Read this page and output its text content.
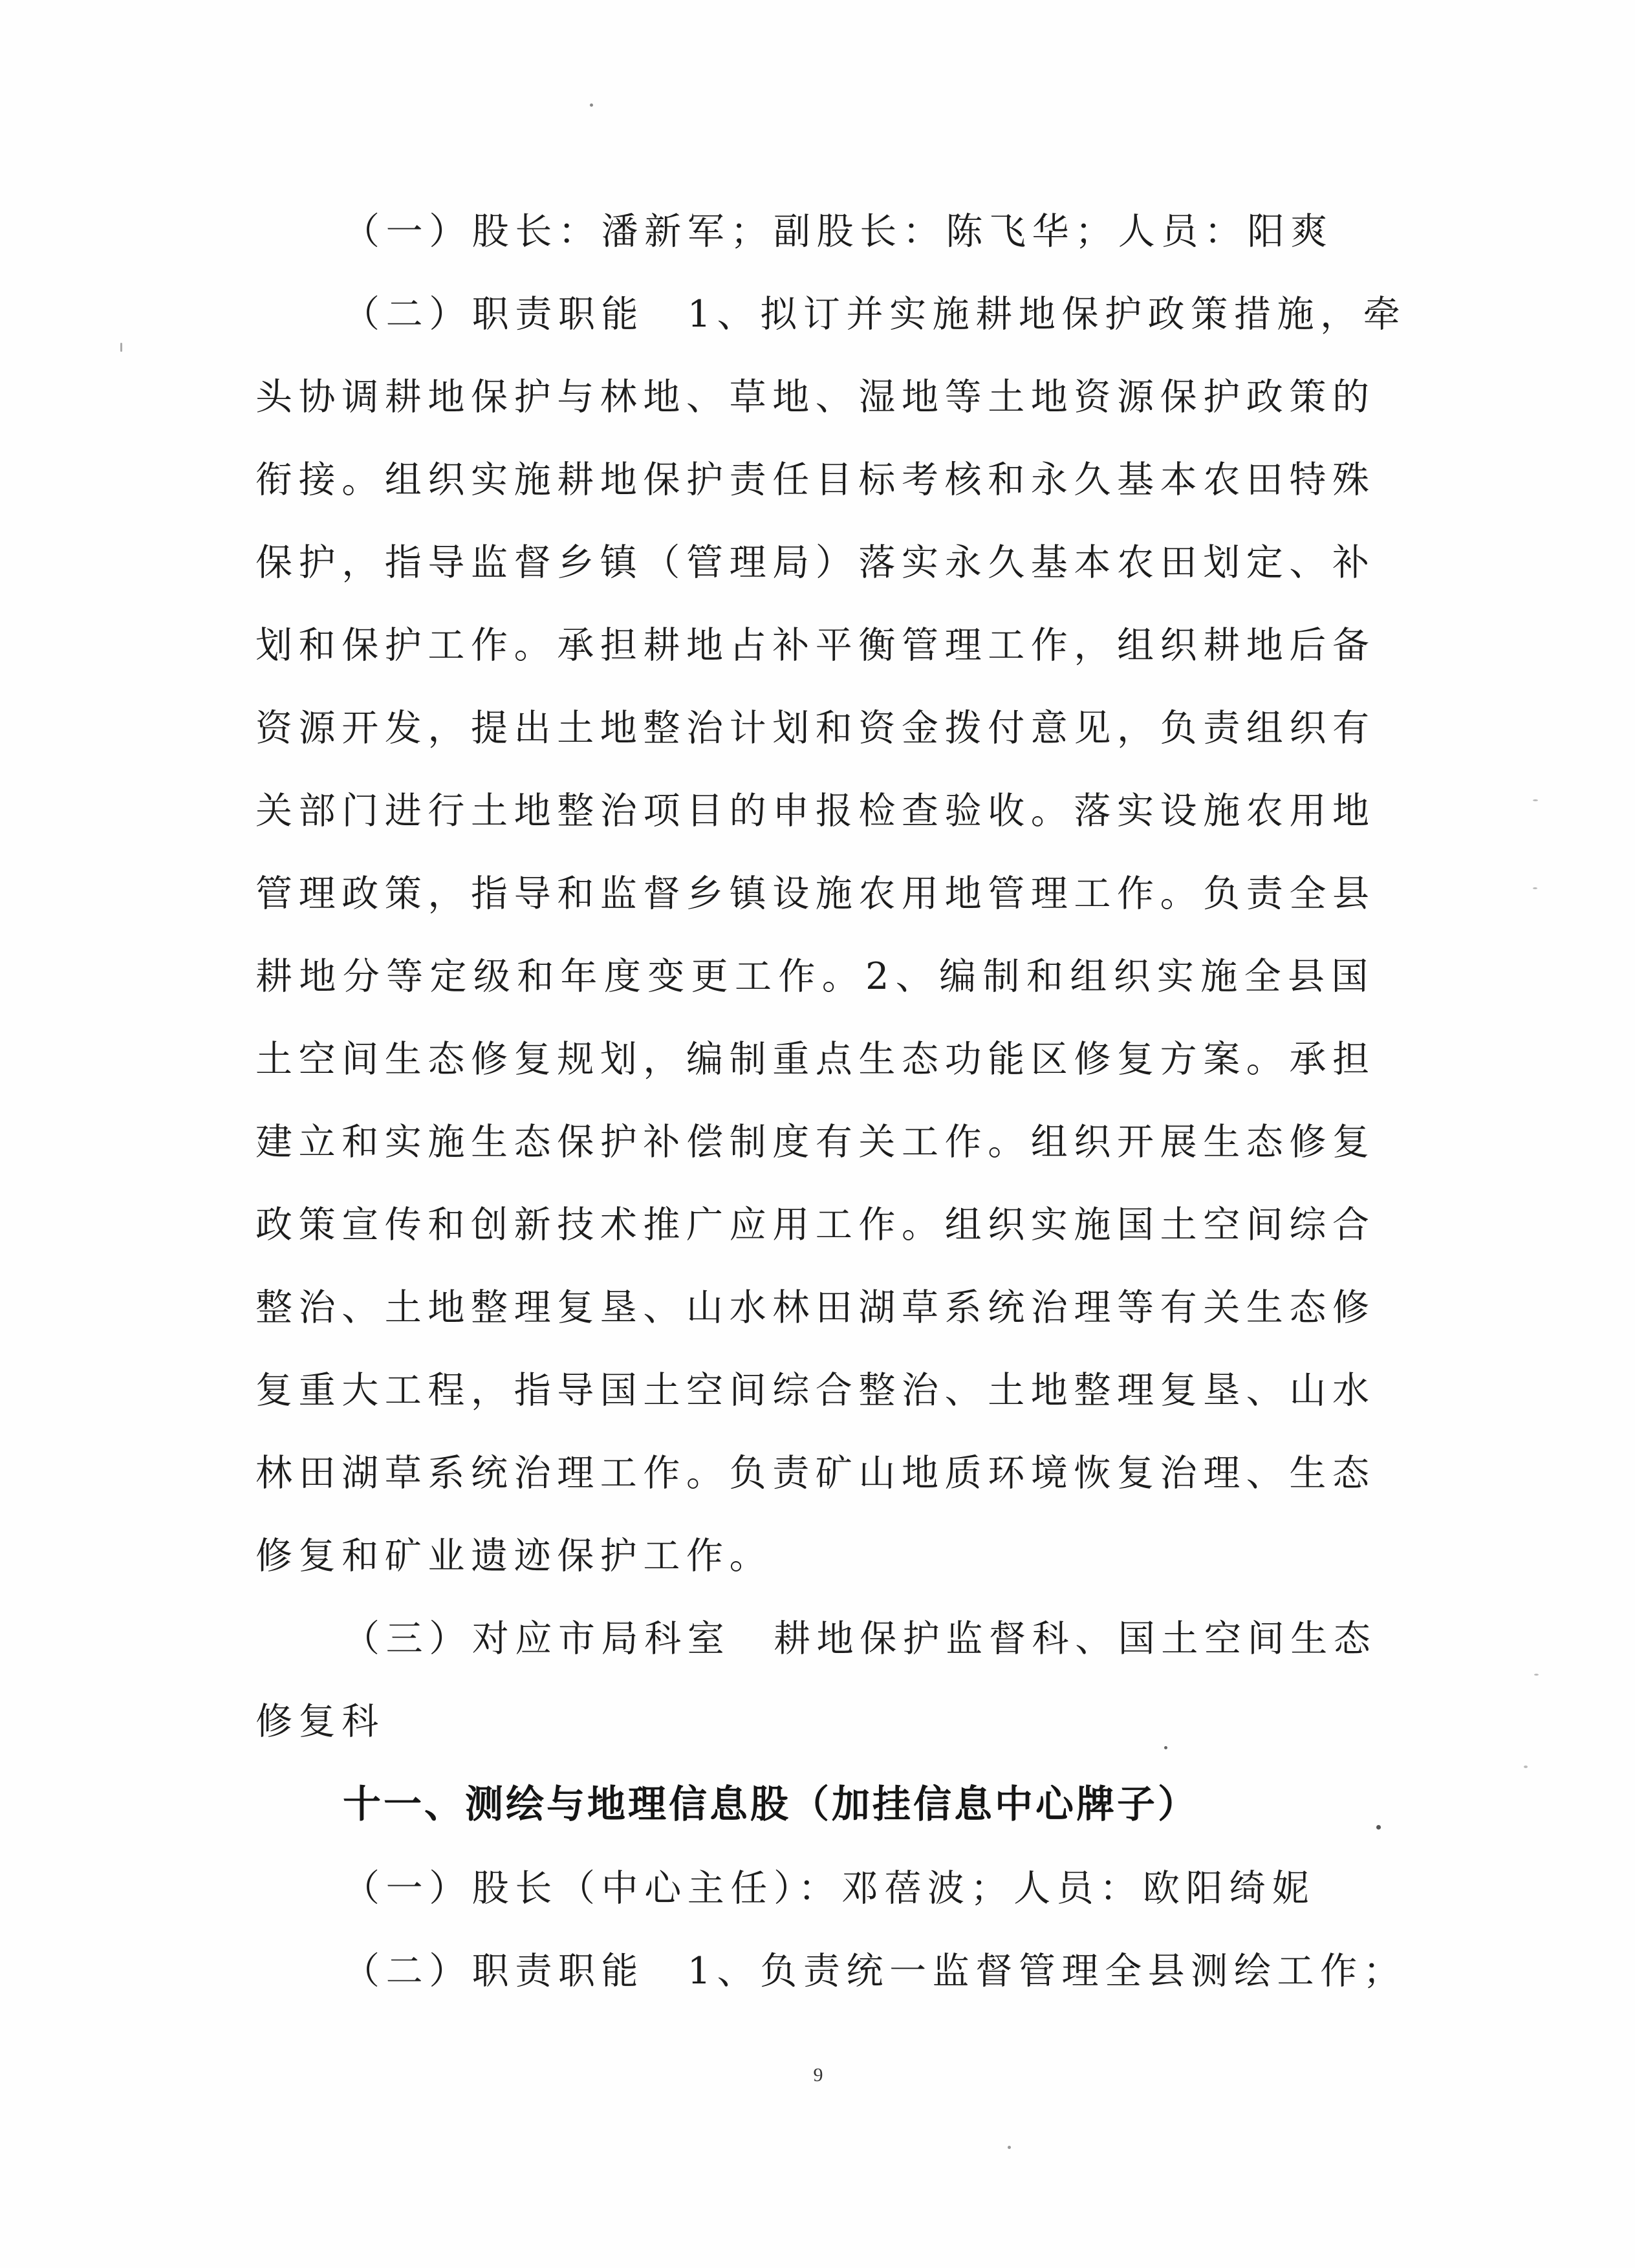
（一）股长：潘新军；副股长：陈飞华；人员：阳爽
（二）职责职能　1、拟订并实施耕地保护政策措施，牵
头协调耕地保护与林地、草地、湿地等土地资源保护政策的
衔接。组织实施耕地保护责任目标考核和永久基本农田特殊
保护，指导监督乡镇（管理局）落实永久基本农田划定、补
划和保护工作。承担耕地占补平衡管理工作，组织耕地后备
资源开发，提出土地整治计划和资金拨付意见，负责组织有
关部门进行土地整治项目的申报检查验收。落实设施农用地
管理政策，指导和监督乡镇设施农用地管理工作。负责全县
耕地分等定级和年度变更工作。2、编制和组织实施全县国
土空间生态修复规划，编制重点生态功能区修复方案。承担
建立和实施生态保护补偿制度有关工作。组织开展生态修复
政策宣传和创新技术推广应用工作。组织实施国土空间综合
整治、土地整理复垦、山水林田湖草系统治理等有关生态修
复重大工程，指导国土空间综合整治、土地整理复垦、山水
林田湖草系统治理工作。负责矿山地质环境恢复治理、生态
修复和矿业遗迹保护工作。
（三）对应市局科室　耕地保护监督科、国土空间生态
修复科
十一、测绘与地理信息股（加挂信息中心牌子）
（一）股长（中心主任）：邓蓓波；人员：欧阳绮妮
（二）职责职能　1、负责统一监督管理全县测绘工作；
9
